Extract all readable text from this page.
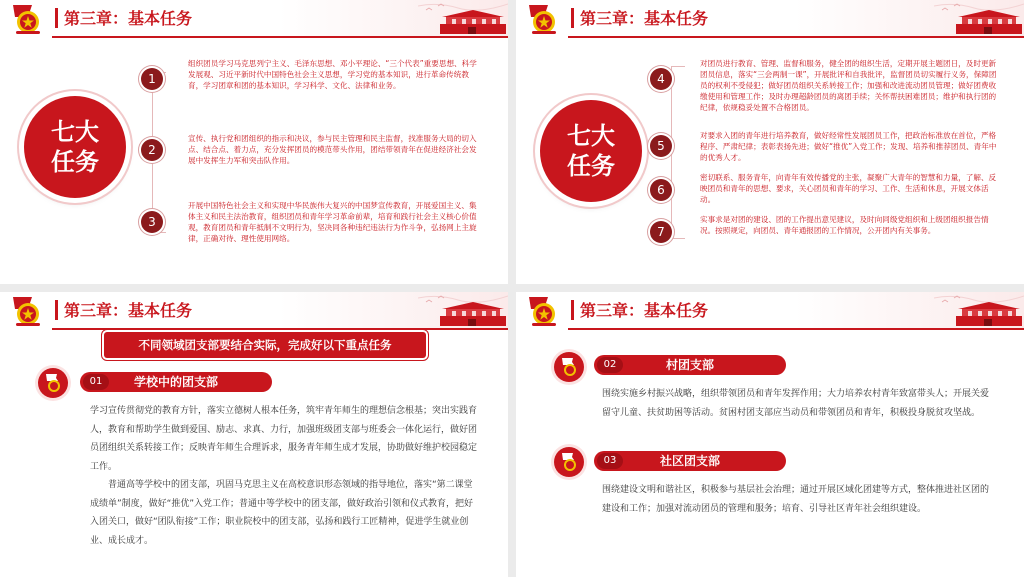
第三章：基本任务
七大
任务
1
组织团员学习马克思列宁主义、毛泽东思想、邓小平理论、“三个代表”重要思想、科学发展观、习近平新时代中国特色社会主义思想，学习党的基本知识，进行革命传统教育，学习团章和团的基本知识，学习科学、文化、法律和业务。
2
宣传、执行党和团组织的指示和决议，参与民主管理和民主监督，找准服务大局的切入点、结合点、着力点，充分发挥团员的模范带头作用，团结带领青年在促进经济社会发展中发挥生力军和突击队作用。
3
开展中国特色社会主义和实现中华民族伟大复兴的中国梦宣传教育，开展爱国主义、集体主义和民主法治教育，组织团员和青年学习革命前辈，培育和践行社会主义核心价值观，教育团员和青年抵制不文明行为，坚决同各种违纪违法行为作斗争，弘扬网上主旋律，正确对待、理性使用网络。
第三章：基本任务
七大
任务
4
对团员进行教育、管理、监督和服务，健全团的组织生活，定期开展主题团日，及时更新团员信息，落实“三会两制一课”，开展批评和自我批评，监督团员切实履行义务，保障团员的权利不受侵犯；做好团员组织关系转接工作；加强和改进流动团员管理；做好团费收缴使用和管理工作；及时办理超龄团员的离团手续；关怀帮扶困难团员；维护和执行团的纪律，依规稳妥处置不合格团员。
5
对要求入团的青年进行培养教育，做好经常性发展团员工作，把政治标准放在首位，严格程序、严肃纪律；表彰表扬先进；做好“推优”入党工作；发现、培养和推荐团员、青年中的优秀人才。
6
密切联系、服务青年，向青年有效传播党的主张，凝聚广大青年的智慧和力量，了解、反映团员和青年的思想、要求，关心团员和青年的学习、工作、生活和休息，开展文体活动。
7
实事求是对团的建设、团的工作提出意见建议，及时向同级党组织和上级团组织报告情况。按照规定，向团员、青年通报团的工作情况，公开团内有关事务。
第三章：基本任务
不同领域团支部要结合实际，完成好以下重点任务
学校中的团支部
01
学习宣传贯彻党的教育方针，落实立德树人根本任务，筑牢青年师生的理想信念根基；突出实践育人，教育和帮助学生做到爱国、励志、求真、力行，加强班级团支部与班委会一体化运行，做好团员团组织关系转接工作；反映青年师生合理诉求，服务青年师生成才发展，协助做好维护校园稳定工作。
普通高等学校中的团支部，巩固马克思主义在高校意识形态领域的指导地位，落实“第二课堂成绩单”制度，做好“推优”入党工作；普通中等学校中的团支部，做好政治引领和仪式教育，把好入团关口，做好“团队衔接”工作；职业院校中的团支部，弘扬和践行工匠精神，促进学生就业创业、成长成才。
第三章：基本任务
村团支部
02
围绕实施乡村振兴战略，组织带领团员和青年发挥作用；大力培养农村青年致富带头人；开展关爱留守儿童、扶贫助困等活动。贫困村团支部应当动员和带领团员和青年，积极投身脱贫攻坚战。
社区团支部
03
围绕建设文明和谐社区，积极参与基层社会治理；通过开展区域化团建等方式，整体推进社区团的建设和工作；加强对流动团员的管理和服务；培育、引导社区青年社会组织建设。
